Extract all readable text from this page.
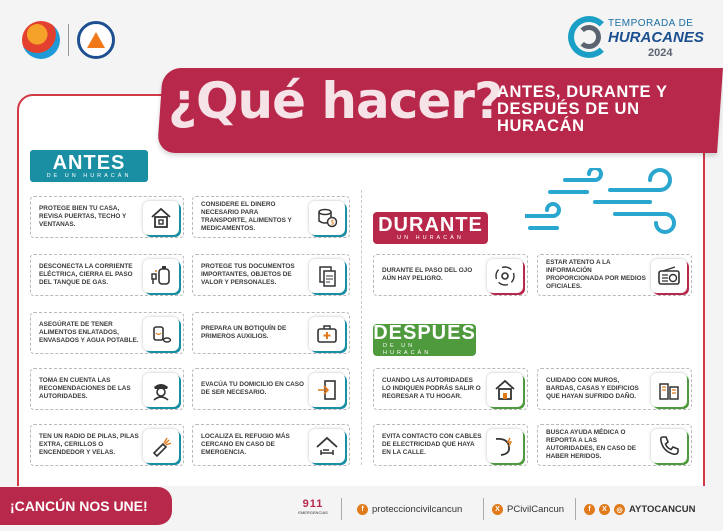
TEMPORADA DE
HURACANES
2024
¿Qué hacer?
ANTES, DURANTE Y DESPUÉS DE UN HURACÁN
ANTES
DE UN HURACÁN
PROTEGE BIEN TU CASA, REVISA PUERTAS, TECHO Y VENTANAS.
DESCONECTA LA CORRIENTE ELÉCTRICA, CIERRA EL PASO DEL TANQUE DE GAS.
ASEGÚRATE DE TENER ALIMENTOS ENLATADOS, ENVASADOS Y AGUA POTABLE.
TOMA EN CUENTA LAS RECOMENDACIONES DE LAS AUTORIDADES.
TEN UN RADIO DE PILAS, PILAS EXTRA, CERILLOS O ENCENDEDOR Y VELAS.
CONSIDERE EL DINERO NECESARIO PARA TRANSPORTE, ALIMENTOS Y MEDICAMENTOS.
$
PROTEGE TUS DOCUMENTOS IMPORTANTES, OBJETOS DE VALOR Y PERSONALES.
PREPARA UN BOTIQUÍN DE PRIMEROS AUXILIOS.
EVACÚA TU DOMICILIO EN CASO DE SER NECESARIO.
LOCALIZA EL REFUGIO MÁS CERCANO EN CASO DE EMERGENCIA.
DURANTE
UN HURACÁN
DURANTE EL PASO DEL OJO AÚN HAY PELIGRO.
ESTAR ATENTO A LA INFORMACIÓN PROPORCIONADA POR MEDIOS OFICIALES.
DESPUÉS
DE UN HURACÁN
CUANDO LAS AUTORIDADES LO INDIQUEN PODRÁS SALIR O REGRESAR A TU HOGAR.
CUIDADO CON MUROS, BARDAS, CASAS Y EDIFICIOS QUE HAYAN SUFRIDO DAÑO.
EVITA CONTACTO CON CABLES DE ELECTRICIDAD QUE HAYA EN LA CALLE.
BUSCA AYUDA MÉDICA O REPORTA A LAS AUTORIDADES, EN CASO DE HABER HERIDOS.
¡CANCÚN NOS UNE!	911
EMERGENCIAS	f proteccioncivilcancun	X PCivilCancun	f	X	◎ AYTOCANCUN
